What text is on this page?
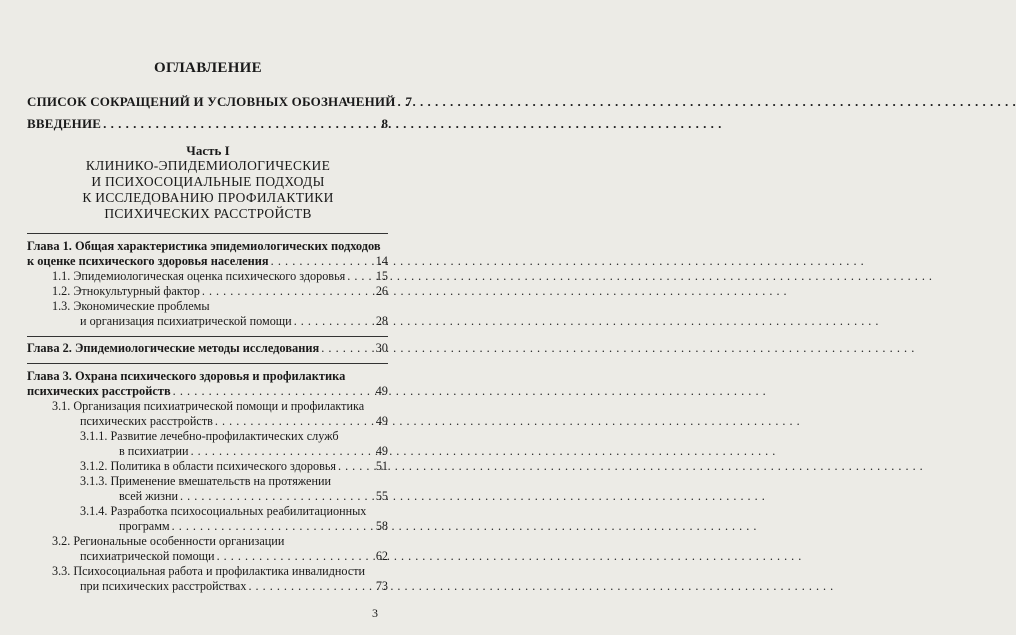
ОГЛАВЛЕНИЕ
СПИСОК СОКРАЩЕНИЙ И УСЛОВНЫХ ОБОЗНАЧЕНИЙ . . . 7
ВВЕДЕНИЕ . . .	8
Часть I
КЛИНИКО-ЭПИДЕМИОЛОГИЧЕСКИЕ
И ПСИХОСОЦИАЛЬНЫЕ ПОДХОДЫ
К ИССЛЕДОВАНИЮ ПРОФИЛАКТИКИ
ПСИХИЧЕСКИХ РАССТРОЙСТВ
Глава 1. Общая характеристика эпидемиологических подходов
к оценке психического здоровья населения . . .	14
1.1. Эпидемиологическая оценка психического здоровья . . .	15
1.2. Этнокультурный фактор . . .	26
1.3. Экономические проблемы
и организация психиатрической помощи . . .	28
Глава 2. Эпидемиологические методы исследования . . .	30
Глава 3. Охрана психического здоровья и профилактика
психических расстройств . . .	49
3.1. Организация психиатрической помощи и профилактика
психических расстройств . . .	49
3.1.1. Развитие лечебно-профилактических служб
в психиатрии . . .	49
3.1.2. Политика в области психического здоровья . . .	51
3.1.3. Применение вмешательств на протяжении
всей жизни . . .	55
3.1.4. Разработка психосоциальных реабилитационных
программ . . .	58
3.2. Региональные особенности организации
психиатрической помощи . . .	62
3.3. Психосоциальная работа и профилактика инвалидности
при психических расстройствах . . .	73
3
